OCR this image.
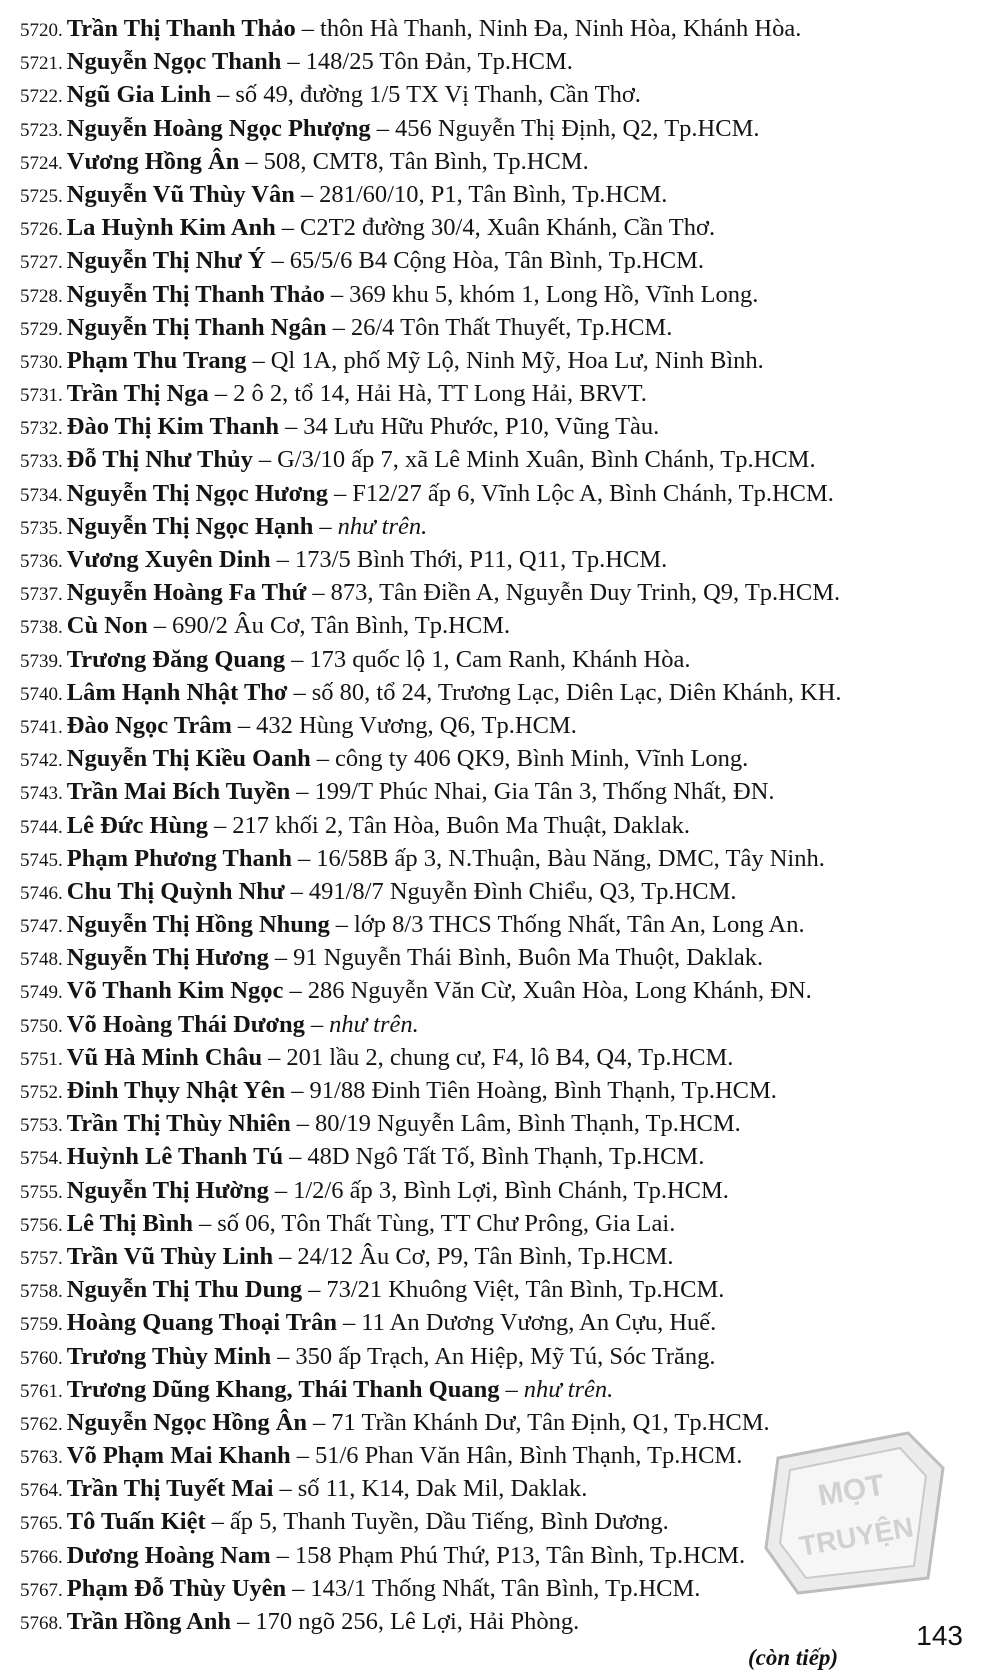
5720. Trần Thị Thanh Thảo – thôn Hà Thanh, Ninh Đa, Ninh Hòa, Khánh Hòa.
5721. Nguyễn Ngọc Thanh – 148/25 Tôn Đản, Tp.HCM.
5722. Ngũ Gia Linh – số 49, đường 1/5 TX Vị Thanh, Cần Thơ.
5723. Nguyễn Hoàng Ngọc Phượng – 456 Nguyễn Thị Định, Q2, Tp.HCM.
5724. Vương Hồng Ân – 508, CMT8, Tân Bình, Tp.HCM.
5725. Nguyễn Vũ Thùy Vân – 281/60/10, P1, Tân Bình, Tp.HCM.
5726. La Huỳnh Kim Anh – C2T2 đường 30/4, Xuân Khánh, Cần Thơ.
5727. Nguyễn Thị Như Ý – 65/5/6 B4 Cộng Hòa, Tân Bình, Tp.HCM.
5728. Nguyễn Thị Thanh Thảo – 369 khu 5, khóm 1, Long Hồ, Vĩnh Long.
5729. Nguyễn Thị Thanh Ngân – 26/4 Tôn Thất Thuyết, Tp.HCM.
5730. Phạm Thu Trang – Ql 1A, phố Mỹ Lộ, Ninh Mỹ, Hoa Lư, Ninh Bình.
5731. Trần Thị Nga – 2 ô 2, tổ 14, Hải Hà, TT Long Hải, BRVT.
5732. Đào Thị Kim Thanh – 34 Lưu Hữu Phước, P10, Vũng Tàu.
5733. Đỗ Thị Như Thủy – G/3/10 ấp 7, xã Lê Minh Xuân, Bình Chánh, Tp.HCM.
5734. Nguyễn Thị Ngọc Hương – F12/27 ấp 6, Vĩnh Lộc A, Bình Chánh, Tp.HCM.
5735. Nguyễn Thị Ngọc Hạnh – như trên.
5736. Vương Xuyên Dinh – 173/5 Bình Thới, P11, Q11, Tp.HCM.
5737. Nguyễn Hoàng Fa Thứ – 873, Tân Điền A, Nguyễn Duy Trinh, Q9, Tp.HCM.
5738. Cù Non – 690/2 Âu Cơ, Tân Bình, Tp.HCM.
5739. Trương Đăng Quang – 173 quốc lộ 1, Cam Ranh, Khánh Hòa.
5740. Lâm Hạnh Nhật Thơ – số 80, tổ 24, Trương Lạc, Diên Lạc, Diên Khánh, KH.
5741. Đào Ngọc Trâm – 432 Hùng Vương, Q6, Tp.HCM.
5742. Nguyễn Thị Kiều Oanh – công ty 406 QK9, Bình Minh, Vĩnh Long.
5743. Trần Mai Bích Tuyền – 199/T Phúc Nhai, Gia Tân 3, Thống Nhất, ĐN.
5744. Lê Đức Hùng – 217 khối 2, Tân Hòa, Buôn Ma Thuật, Daklak.
5745. Phạm Phương Thanh – 16/58B ấp 3, N.Thuận, Bàu Năng, DMC, Tây Ninh.
5746. Chu Thị Quỳnh Như – 491/8/7 Nguyễn Đình Chiểu, Q3, Tp.HCM.
5747. Nguyễn Thị Hồng Nhung – lớp 8/3 THCS Thống Nhất, Tân An, Long An.
5748. Nguyễn Thị Hương – 91 Nguyễn Thái Bình, Buôn Ma Thuột, Daklak.
5749. Võ Thanh Kim Ngọc – 286 Nguyễn Văn Cừ, Xuân Hòa, Long Khánh, ĐN.
5750. Võ Hoàng Thái Dương – như trên.
5751. Vũ Hà Minh Châu – 201 lầu 2, chung cư, F4, lô B4, Q4, Tp.HCM.
5752. Đinh Thụy Nhật Yên – 91/88 Đinh Tiên Hoàng, Bình Thạnh, Tp.HCM.
5753. Trần Thị Thùy Nhiên – 80/19 Nguyễn Lâm, Bình Thạnh, Tp.HCM.
5754. Huỳnh Lê Thanh Tú – 48D Ngô Tất Tố, Bình Thạnh, Tp.HCM.
5755. Nguyễn Thị Hường – 1/2/6 ấp 3, Bình Lợi, Bình Chánh, Tp.HCM.
5756. Lê Thị Bình – số 06, Tôn Thất Tùng, TT Chư Prông, Gia Lai.
5757. Trần Vũ Thùy Linh – 24/12 Âu Cơ, P9, Tân Bình, Tp.HCM.
5758. Nguyễn Thị Thu Dung – 73/21 Khuông Việt, Tân Bình, Tp.HCM.
5759. Hoàng Quang Thoại Trân – 11 An Dương Vương, An Cựu, Huế.
5760. Trương Thùy Minh – 350 ấp Trạch, An Hiệp, Mỹ Tú, Sóc Trăng.
5761. Trương Dũng Khang, Thái Thanh Quang – như trên.
5762. Nguyễn Ngọc Hồng Ân – 71 Trần Khánh Dư, Tân Định, Q1, Tp.HCM.
5763. Võ Phạm Mai Khanh – 51/6 Phan Văn Hân, Bình Thạnh, Tp.HCM.
5764. Trần Thị Tuyết Mai – số 11, K14, Dak Mil, Daklak.
5765. Tô Tuấn Kiệt – ấp 5, Thanh Tuyền, Dầu Tiếng, Bình Dương.
5766. Dương Hoàng Nam – 158 Phạm Phú Thứ, P13, Tân Bình, Tp.HCM.
5767. Phạm Đỗ Thùy Uyên – 143/1 Thống Nhất, Tân Bình, Tp.HCM.
5768. Trần Hồng Anh – 170 ngõ 256, Lê Lợi, Hải Phòng.
MỌT
TRUYỆN
143
(còn tiếp)
